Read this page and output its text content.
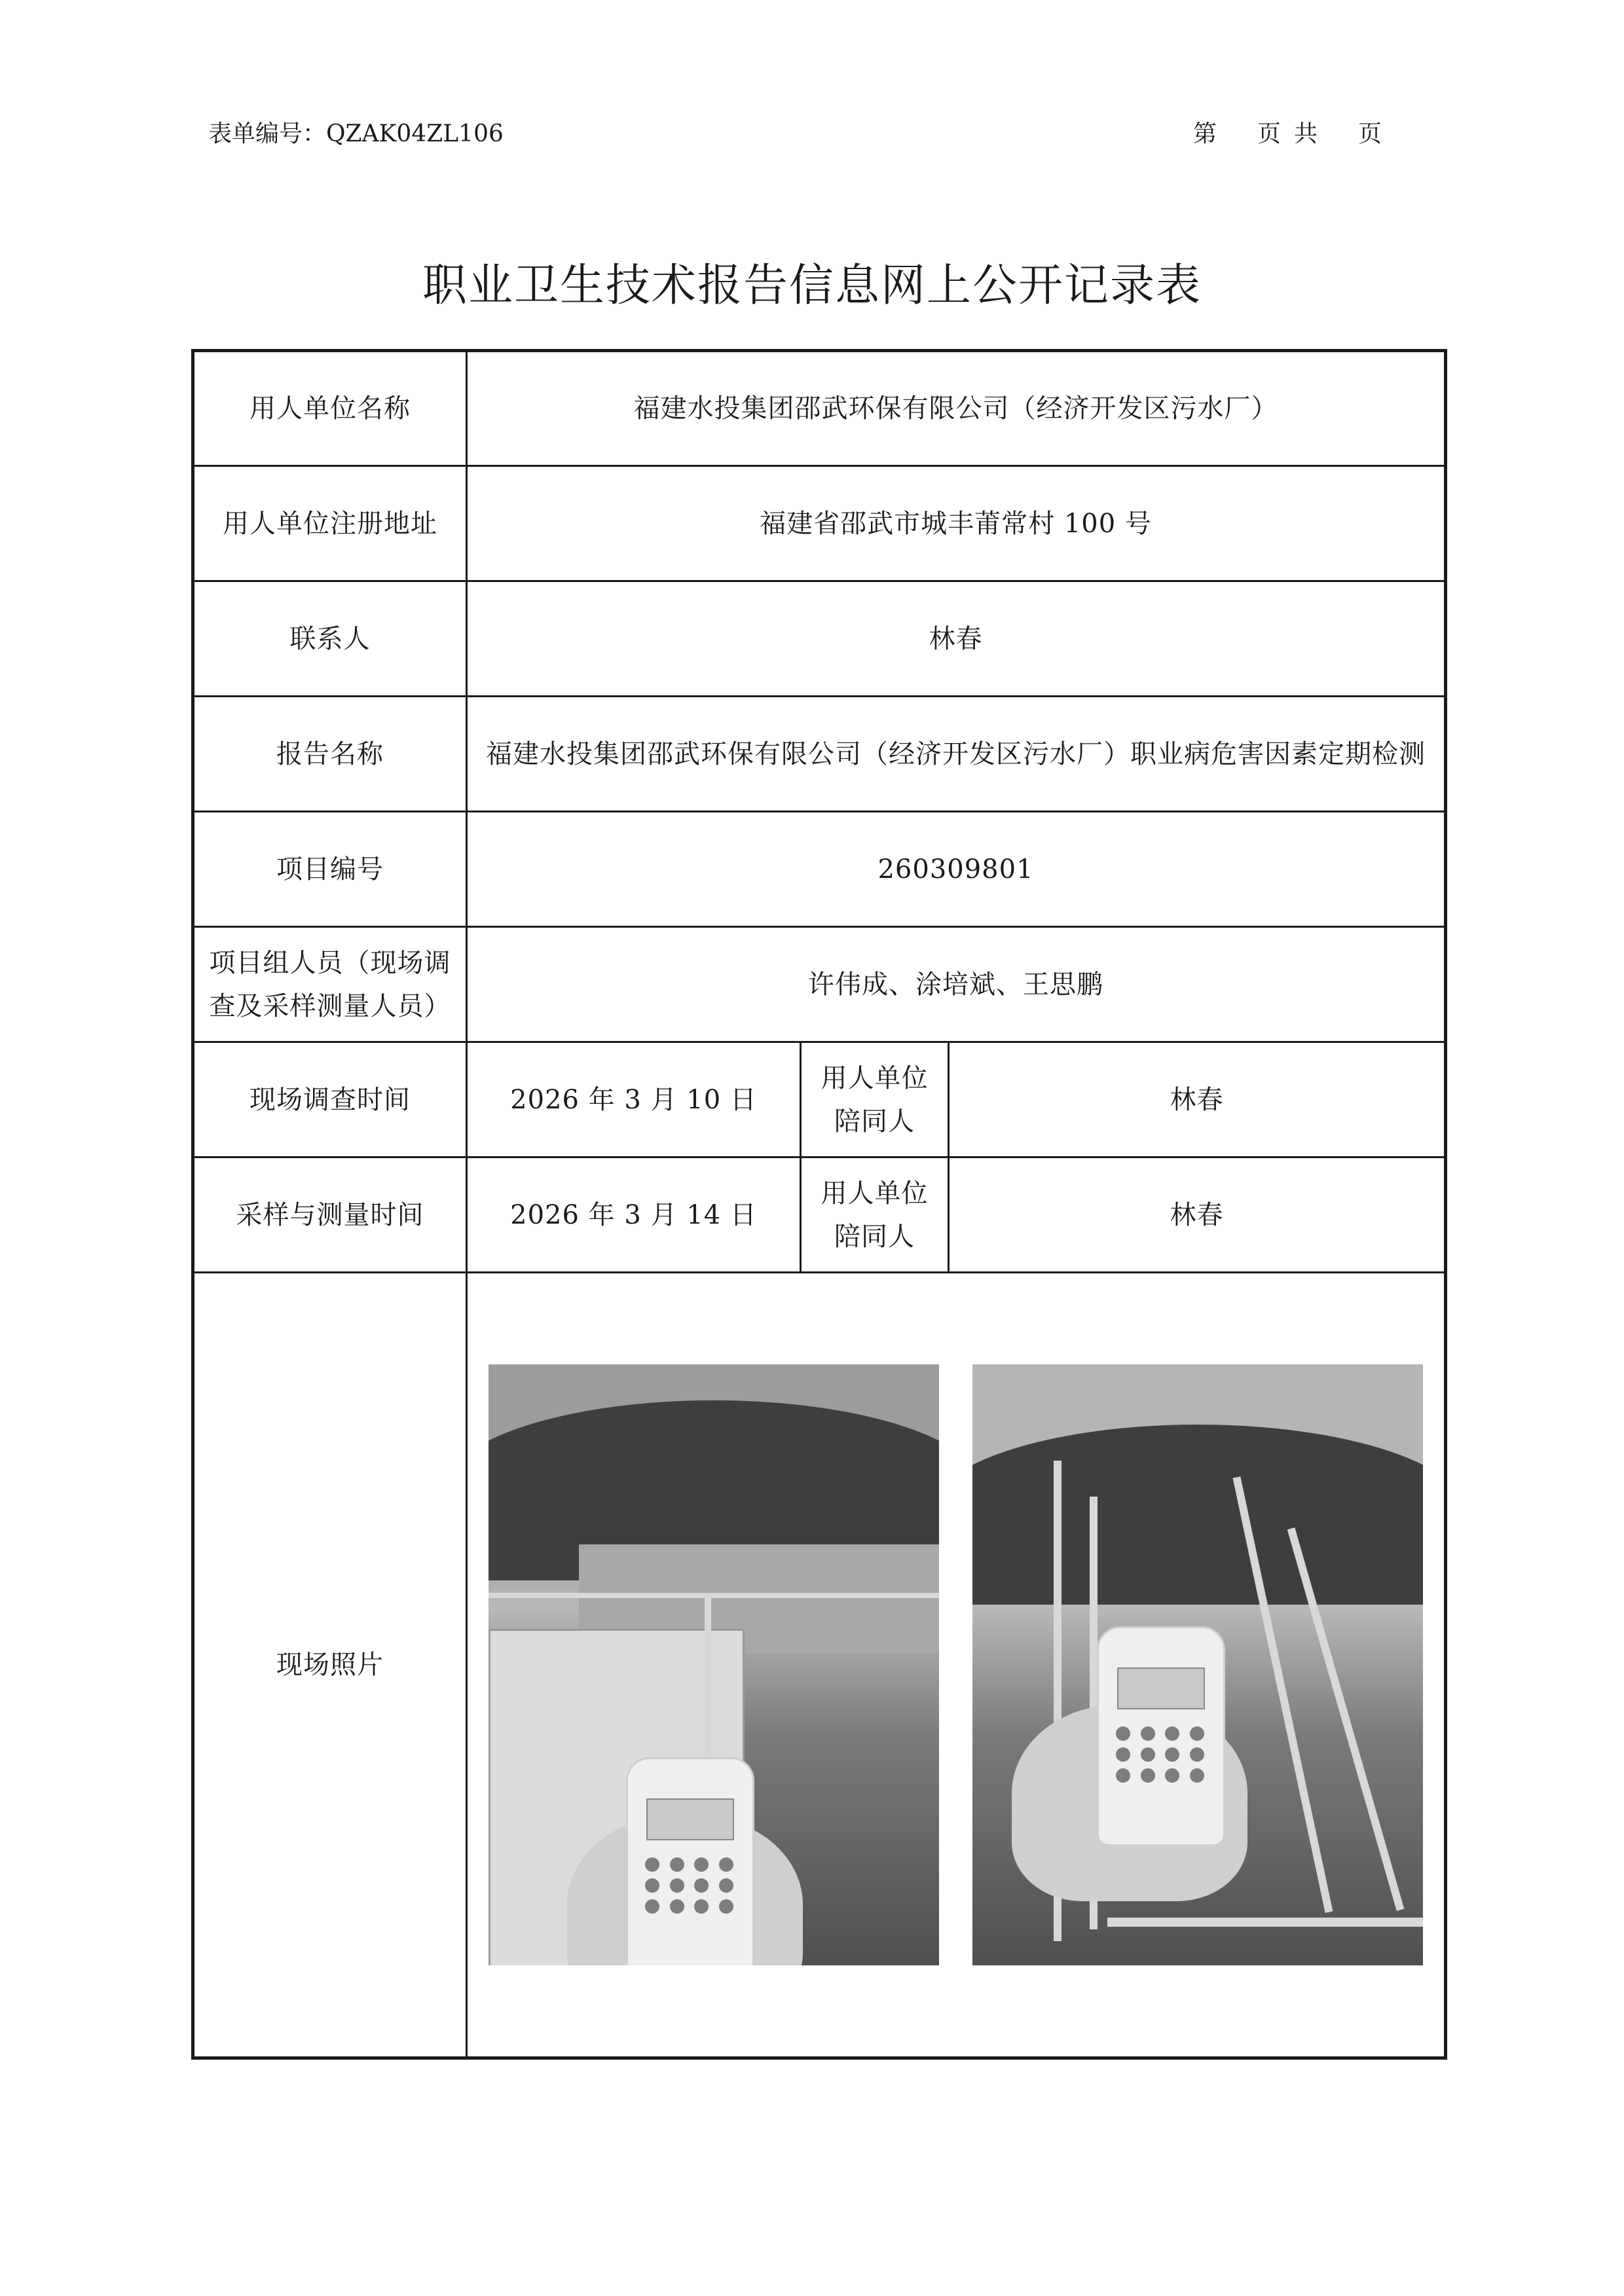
表单编号：QZAK04ZL106	第 页 共 页
职业卫生技术报告信息网上公开记录表
用人单位名称	福建水投集团邵武环保有限公司（经济开发区污水厂）		
用人单位注册地址	福建省邵武市城丰莆常村 100 号		
联系人	林春		
报告名称	福建水投集团邵武环保有限公司（经济开发区污水厂）职业病危害因素定期检测		
项目编号	260309801		
项目组人员（现场调查及采样测量人员）	许伟成、涂培斌、王思鹏		
现场调查时间	2026 年 3 月 10 日	用人单位陪同人	林春
采样与测量时间	2026 年 3 月 14 日	用人单位陪同人	林春
现场照片			
